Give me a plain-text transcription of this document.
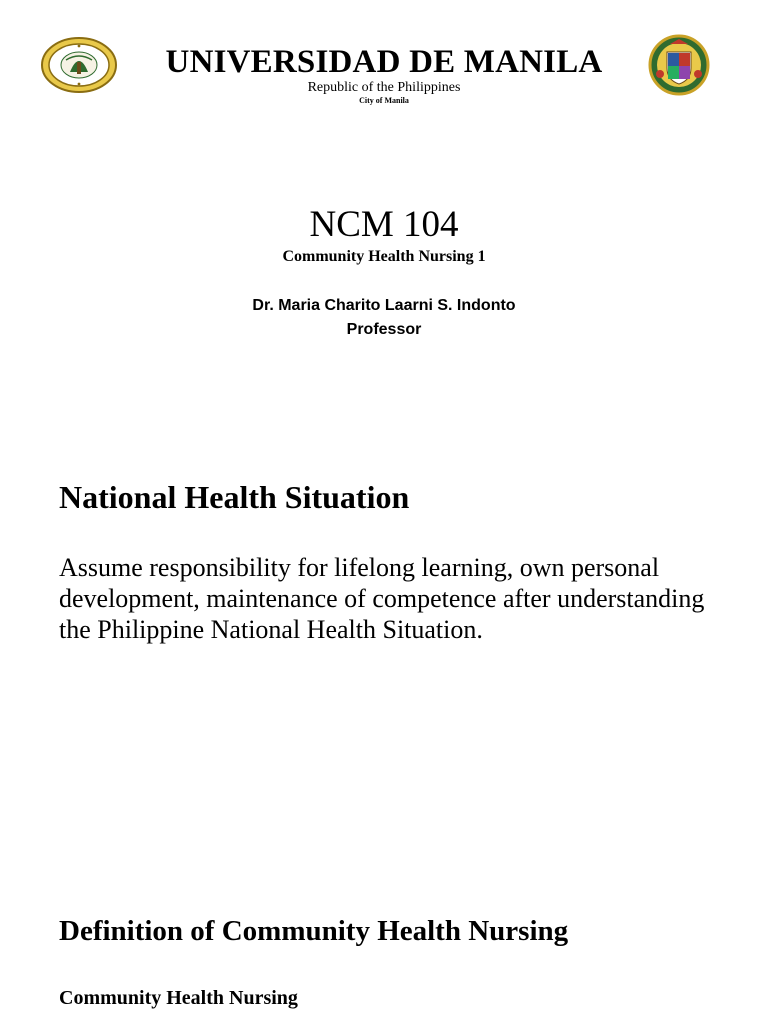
UNIVERSIDAD DE MANILA
Republic of the Philippines
City of Manila
NCM 104
Community Health Nursing 1
Dr. Maria Charito Laarni S. Indonto
Professor
National Health Situation
Assume responsibility for lifelong learning, own personal development, maintenance of competence after understanding the Philippine National Health Situation.
Definition of Community Health Nursing
Community Health Nursing
